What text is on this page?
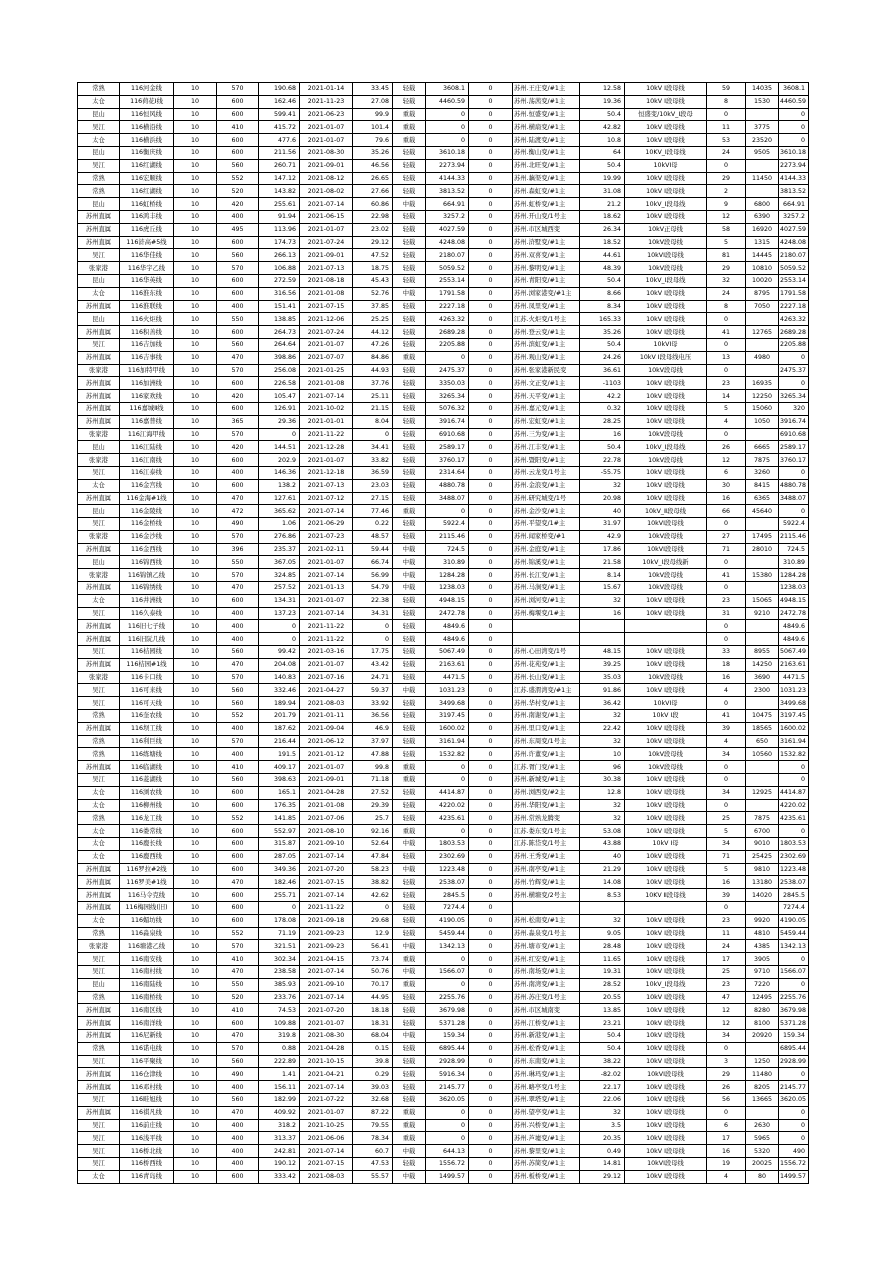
常熟	116河金线	10	570	190.68	2021-01-14	33.45	轻载	3608.1	0	苏州.王庄变/#1主	12.58	10kV Ⅰ段母线	59	14035	3608.1
太仓	116荷花Ⅰ线	10	600	162.46	2021-11-23	27.08	轻载	4460.59	0	苏州.荡茜变/#1主	19.36	10kV Ⅰ段母线	8	1530	4460.59
昆山	116恒风线	10	600	599.41	2021-06-23	99.9	重载	0	0	苏州.恒盛变/#1主	50.4	恒盛变/10kV_Ⅰ段母	0		0
吴江	116横沿线	10	410	415.72	2021-01-07	101.4	重载	0	0	苏州.横扇变/#1主	42.82	10kV Ⅰ段母线	11	3775	0
太仓	116横浜线	10	600	477.6	2021-01-07	79.6	重载	0	0	苏州.陆渡变/#1主	10.8	10kV Ⅰ段母线	53	23520	0
昆山	116衡庆线	10	600	211.56	2021-08-30	35.26	轻载	3610.18	0	苏州.衡山变/#1主	64	10KV_Ⅰ段母线	24	9505	3610.18
吴江	116红湖线	10	560	260.71	2021-09-01	46.56	轻载	2273.94	0	苏州.北旺变/#1主	50.4	10kVI母	0		2273.94
常熟	116宏顺线	10	552	147.12	2021-08-12	26.65	轻载	4144.33	0	苏州.藕渠变/#1主	19.99	10kV Ⅰ段母线	29	11450	4144.33
常熟	116红湖线	10	520	143.82	2021-08-02	27.66	轻载	3813.52	0	苏州.森虹变/#1主	31.08	10kV Ⅰ段母线	2		3813.52
昆山	116虹桥线	10	420	255.61	2021-07-14	60.86	中载	664.91	0	苏州.虹桥变/#1主	21.2	10kV_Ⅰ段母线	9	6800	664.91
苏州直属	116鸿丰线	10	400	91.94	2021-06-15	22.98	轻载	3257.2	0	苏州.开山变/1号主	18.62	10kV Ⅰ段母线	12	6390	3257.2
苏州直属	116虎丘线	10	495	113.96	2021-01-07	23.02	轻载	4027.59	0	苏州.市区城西变	26.34	10kV正母线	58	16920	4027.59
苏州直属	116浒高#5线	10	600	174.73	2021-07-24	29.12	轻载	4248.08	0	苏州.浒墅变/#1主	18.52	10kV段母线	5	1315	4248.08
吴江	116华佳线	10	560	266.13	2021-09-01	47.52	轻载	2180.07	0	苏州.双喜变/#1主	44.61	10kVI段母线	81	14445	2180.07
张家港	116华宇乙线	10	570	106.88	2021-07-13	18.75	轻载	5059.52	0	苏州.黎明变/#1主	48.39	10kV段母线	29	10810	5059.52
昆山	116华英线	10	600	272.59	2021-08-18	45.43	轻载	2553.14	0	苏州.青阳变/#1主	50.4	10kV_Ⅰ段母线	32	10020	2553.14
太仓	116淮东线	10	600	316.56	2021-01-08	52.76	中载	1791.58	0	苏州.浏家港变/#1主	8.66	10kV Ⅰ段母线	24	8795	1791.58
苏州直属	116淮联线	10	400	151.41	2021-07-15	37.85	轻载	2227.18	0	苏州.凤里变/#1主	8.34	10kV Ⅰ段母线	8	7050	2227.18
昆山	116火炬线	10	550	138.85	2021-12-06	25.25	轻载	4263.32	0	江苏.火炬变/1号主	165.33	10kV Ⅰ段母线	0		4263.32
苏州直属	116积善线	10	600	264.73	2021-07-24	44.12	轻载	2689.28	0	苏州.登云变/#1主	35.26	10kV Ⅰ段母线	41	12765	2689.28
吴江	116吉加线	10	560	264.64	2021-01-07	47.26	轻载	2205.88	0	苏州.滨虹变/#1主	50.4	10kVI母	0		2205.88
苏州直属	116吉事线	10	470	398.86	2021-07-07	84.86	重载	0	0	苏州.观山变/#1主	24.26	10kV Ⅰ段母线电压	13	4980	0
张家港	116加特甲线	10	570	256.08	2021-01-25	44.93	轻载	2475.37	0	苏州.张家港新民变	36.61	10kV段母线	0		2475.37
苏州直属	116加洲线	10	600	226.58	2021-01-08	37.76	轻载	3350.03	0	苏州.文正变/#1主	-1103	10kV Ⅰ段母线	23	16935	0
苏州直属	116家欢线	10	420	105.47	2021-07-14	25.11	轻载	3265.34	0	苏州.天平变/#1主	42.2	10kV Ⅰ段母线	14	12250	3265.34
苏州直属	116嘉城Ⅱ线	10	600	126.91	2021-10-02	21.15	轻载	5076.32	0	苏州.嘉元变/#1主	0.32	10kV Ⅰ段母线	5	15060	320
苏州直属	116嘉普线	10	365	29.36	2021-01-01	8.04	轻载	3916.74	0	苏州.宏虹变/#1主	28.25	10kV Ⅰ段母线	4	1050	3916.74
张家港	116江海甲线	10	570	0	2021-11-22	0	轻载	6910.68	0	苏州.三为变/#1主	16	10kV段母线	0		6910.68
昆山	116江陆线	10	420	144.51	2021-12-28	34.41	轻载	2589.17	0	苏州.江丰变/#1主	50.4	10kV_Ⅰ段母线	26	6665	2589.17
张家港	116江南线	10	600	202.9	2021-01-07	33.82	轻载	3760.17	0	苏州.暨阳变/#1主	22.78	10kV段母线	12	7875	3760.17
吴江	116江泰线	10	400	146.36	2021-12-18	36.59	轻载	2314.64	0	苏州.云龙变/1号主	-55.75	10kV Ⅰ段母线	6	3260	0
太仓	116金宫线	10	600	138.2	2021-07-13	23.03	轻载	4880.78	0	苏州.金浪变/#1主	32	10kV Ⅰ段母线	30	8415	4880.78
苏州直属	116金海#1线	10	470	127.61	2021-07-12	27.15	轻载	3488.07	0	苏州.研究城变/1号	20.98	10kV Ⅰ段母线	16	6365	3488.07
昆山	116金陵线	10	472	365.62	2021-07-14	77.46	重载	0	0	苏州.金沙变/#1主	40	10kV_Ⅱ段母线	66	45640	0
吴江	116金桥线	10	490	1.06	2021-06-29	0.22	轻载	5922.4	0	苏州.平望变/1#主	31.97	10kVI段母线	0		5922.4
张家港	116金沙线	10	570	276.86	2021-07-23	48.57	轻载	2115.46	0	苏州.闻家桥变/#1	42.9	10kV段母线	27	17495	2115.46
苏州直属	116金西线	10	396	235.37	2021-02-11	59.44	中载	724.5	0	苏州.金庭变/#1主	17.86	10kVI段母线	71	28010	724.5
昆山	116锦西线	10	550	367.05	2021-01-07	66.74	中载	310.89	0	苏州.锦溪变/#1主	21.58	10kV_Ⅰ段母线新	0		310.89
张家港	116锦镇乙线	10	570	324.85	2021-07-14	56.99	中载	1284.28	0	苏州.长江变/#1主	8.14	10kV段母线	41	15380	1284.28
苏州直属	116锦绣线	10	470	257.52	2021-01-13	54.79	中载	1238.03	0	苏州.马涧变/#1主	15.67	10kV段母线	0		1238.03
太仓	116井洲线	10	600	134.31	2021-01-07	22.38	轻载	4948.15	0	苏州.浏河变/#1主	32	10kV Ⅰ段母线	23	15065	4948.15
吴江	116久泰线	10	400	137.23	2021-07-14	34.31	轻载	2472.78	0	苏州.梅堰变/1#主	16	10kV Ⅰ段母线	31	9210	2472.78
苏州直属	116旧七子线	10	400	0	2021-11-22	0	轻载	4849.6	0				0		4849.6
苏州直属	116旧阮几线	10	400	0	2021-11-22	0	轻载	4849.6	0				0		4849.6
吴江	116桔园线	10	560	99.42	2021-03-16	17.75	轻载	5067.49	0	苏州.心田湾变/1号	48.15	10kV Ⅰ段母线	33	8955	5067.49
苏州直属	116桔园#1线	10	470	204.08	2021-01-07	43.42	轻载	2163.61	0	苏州.花苑变/#1主	39.25	10kV Ⅰ段母线	18	14250	2163.61
张家港	116卡口线	10	570	140.83	2021-07-16	24.71	轻载	4471.5	0	苏州.长山变/#1主	35.03	10kV段母线	16	3690	4471.5
吴江	116可来线	10	560	332.46	2021-04-27	59.37	中载	1031.23	0	江苏.盛渭湾变/#1主	91.86	10kV Ⅰ段母线	4	2300	1031.23
吴江	116可天线	10	560	189.94	2021-08-03	33.92	轻载	3499.68	0	苏州.华村变/#1主	36.42	10kVI母	0		3499.68
常熟	116奎农线	10	552	201.79	2021-01-11	36.56	轻载	3197.45	0	苏州.南谢变/#1主	32	10kV Ⅰ段	41	10475	3197.45
苏州直属	116坝工线	10	400	187.62	2021-09-04	46.9	轻载	1600.02	0	苏州.里口变/#1主	22.42	10kV Ⅰ段母线	39	18565	1600.02
常熟	116利巨线	10	570	216.44	2021-06-12	37.97	轻载	3161.94	0	苏州.东周变/1号主	32	10kV Ⅰ段母线	4	650	3161.94
常熟	116练塘线	10	400	191.5	2021-01-12	47.88	轻载	1532.82	0	苏州.许董变/#1主	10	10kV段母线	34	10560	1532.82
苏州直属	116临湖线	10	410	409.17	2021-01-07	99.8	重载	0	0	江苏.胥门变/#1主	96	10kV段母线	0		0
吴江	116菱湖线	10	560	398.63	2021-09-01	71.18	重载	0	0	苏州.新城变/#1主	30.38	10kV Ⅰ段母线	0		0
太仓	116浏农线	10	600	165.1	2021-04-28	27.52	轻载	4414.87	0	苏州.浏西变/#2主	12.8	10kV Ⅰ段母线	34	12925	4414.87
太仓	116柳州线	10	600	176.35	2021-01-08	29.39	轻载	4220.02	0	苏州.华阳变/#1主	32	10kV Ⅰ段母线	0		4220.02
常熟	116龙工线	10	552	141.85	2021-07-06	25.7	轻载	4235.61	0	苏州.常熟龙腾变	32	10kV Ⅰ段母线	25	7875	4235.61
太仓	116娄常线	10	600	552.97	2021-08-10	92.16	重载	0	0	江苏.娄东变/1号主	53.08	10kV Ⅰ段母线	5	6700	0
太仓	116鹿长线	10	600	315.87	2021-09-10	52.64	中载	1803.53	0	江苏.陈岱变/1号主	43.88	10kV Ⅰ母	34	9010	1803.53
太仓	116鹿西线	10	600	287.05	2021-07-14	47.84	轻载	2302.69	0	苏州.王秀变/#1主	40	10kV Ⅰ段母线	71	25425	2302.69
苏州直属	116罗拉#2线	10	600	349.36	2021-07-20	58.23	中载	1223.48	0	苏州.南亭变/#1主	21.29	10kV Ⅰ段母线	5	9810	1223.48
苏州直属	116罗美#1线	10	470	182.46	2021-07-15	38.82	轻载	2538.07	0	苏州.竹辉变/#1主	14.08	10kV Ⅰ段母线	16	13180	2538.07
苏州直属	116马令克线	10	600	255.71	2021-07-14	42.62	轻载	2845.5	0	苏州.横塘变/2号主	8.53	10KV Ⅱ段母线	39	14020	2845.5
苏州直属	116梅园线(旧)	10	600	0	2021-11-22	0	轻载	7274.4	0				0		7274.4
太仓	116媚坊线	10	600	178.08	2021-09-18	29.68	轻载	4190.05	0	苏州.松南变/#1主	32	10kV Ⅰ段母线	23	9920	4190.05
常熟	116淼泉线	10	552	71.19	2021-09-23	12.9	轻载	5459.44	0	苏州.淼泉变/1号主	9.05	10kV Ⅰ段母线	11	4810	5459.44
张家港	116塘港乙线	10	570	321.51	2021-09-23	56.41	中载	1342.13	0	苏州.塘市变/#1主	28.48	10kV Ⅰ段母线	24	4385	1342.13
吴江	116南安线	10	410	302.34	2021-04-15	73.74	重载	0	0	苏州.红安变/#1主	11.65	10kV Ⅰ段母线	17	3905	0
吴江	116南村线	10	470	238.58	2021-07-14	50.76	中载	1566.07	0	苏州.南场变/#1主	19.31	10kV Ⅰ段母线	25	9710	1566.07
昆山	116南陆线	10	550	385.93	2021-09-10	70.17	重载	0	0	苏州.南湾变/#1主	28.52	10kV_Ⅰ段母线	23	7220	0
常熟	116南桥线	10	520	233.76	2021-07-14	44.95	轻载	2255.76	0	苏州.苏庄变/1号主	20.55	10kV Ⅰ段母线	47	12495	2255.76
苏州直属	116南区线	10	410	74.53	2021-07-20	18.18	轻载	3679.98	0	苏州.市区城南变	13.85	10kV Ⅰ段母线	12	8280	3679.98
苏州直属	116南洋线	10	600	109.88	2021-01-07	18.31	轻载	5371.28	0	苏州.江桥变/#1主	23.21	10kV Ⅰ段母线	12	8100	5371.28
苏州直属	116尼新线	10	470	319.8	2021-08-30	68.04	中载	159.34	0	苏州.新港变/#1主	50.4	10kV Ⅰ段母线	34	20920	159.34
常熟	116诺电线	10	570	0.88	2021-04-28	0.15	轻载	6895.44	0	苏州.松香变/#1主	50.4	10kV Ⅰ段母线	0		6895.44
吴江	116平聚线	10	560	222.89	2021-10-15	39.8	轻载	2928.99	0	苏州.东南变/#1主	38.22	10kV Ⅰ段母线	3	1250	2928.99
苏州直属	116仓津线	10	490	1.41	2021-04-21	0.29	轻载	5916.34	0	苏州.琳玛变/#1主	-82.02	10kVI段母线	29	11480	0
苏州直属	116邓村线	10	400	156.11	2021-07-14	39.03	轻载	2145.77	0	苏州.略亭变/1号主	22.17	10kV Ⅰ段母线	26	8205	2145.77
吴江	116畦旭线	10	560	182.99	2021-07-22	32.68	轻载	3620.05	0	苏州.翠塔变/#1主	22.06	10kV Ⅰ段母线	56	13665	3620.05
苏州直属	116祺凡线	10	470	409.92	2021-01-07	87.22	重载	0	0	苏州.望亭变/#1主	32	10kV Ⅰ段母线	0		0
吴江	116前庄线	10	400	318.2	2021-10-25	79.55	重载	0	0	苏州.兴桥变/#1主	3.5	10kV Ⅰ段母线	6	2630	0
吴江	116浅平线	10	400	313.37	2021-06-06	78.34	重载	0	0	苏州.芦墟变/#1主	20.35	10kV Ⅰ段母线	17	5965	0
吴江	116桥北线	10	400	242.81	2021-07-14	60.7	中载	644.13	0	苏州.黎里变/#1主	0.49	10kV Ⅰ段母线	16	5320	490
吴江	116桥西线	10	400	190.12	2021-07-15	47.53	轻载	1556.72	0	苏州.苏简变/#1主	14.81	10kVI段母线	19	20025	1556.72
太仓	116青岛线	10	600	333.42	2021-08-03	55.57	中载	1499.57	0	苏州.板桥变/#1主	29.12	10kV Ⅰ段母线	4	80	1499.57
